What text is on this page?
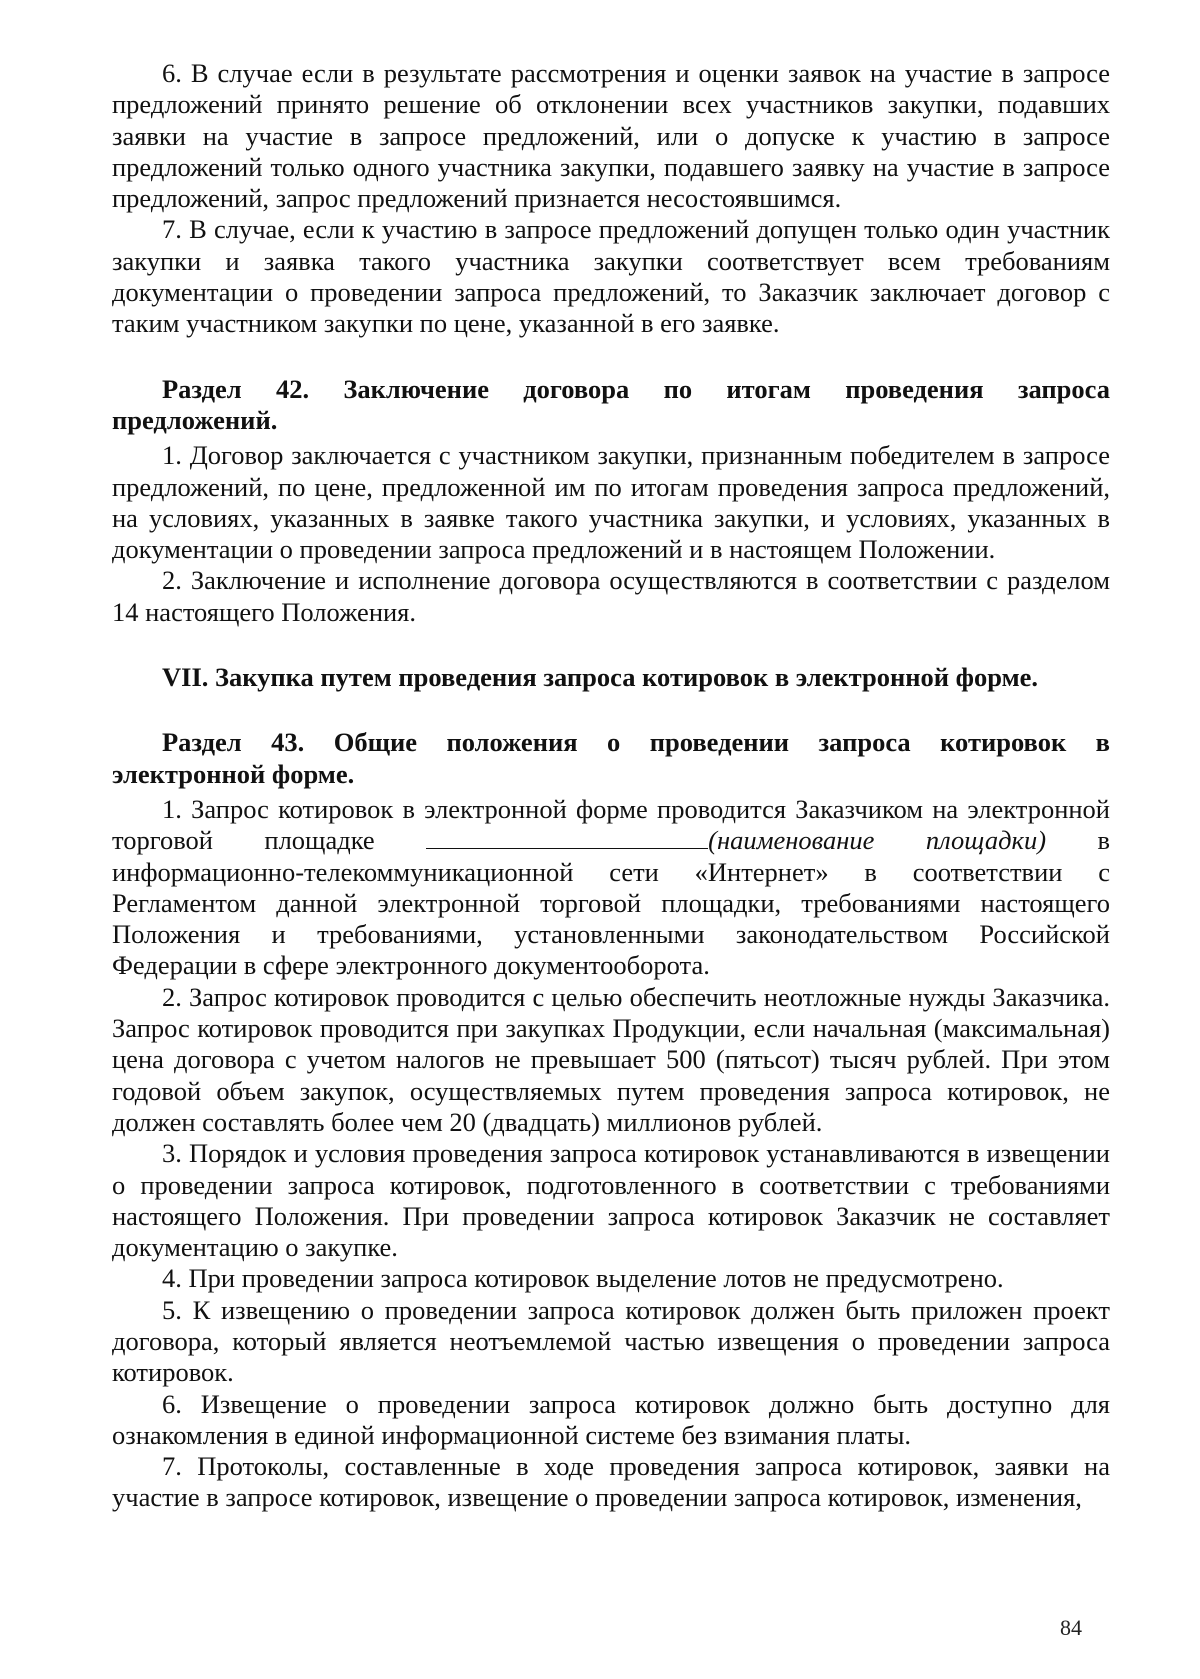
6. В случае если в результате рассмотрения и оценки заявок на участие в запросе предложений принято решение об отклонении всех участников закупки, подавших заявки на участие в запросе предложений, или о допуске к участию в запросе предложений только одного участника закупки, подавшего заявку на участие в запросе предложений, запрос предложений признается несостоявшимся.

7. В случае, если к участию в запросе предложений допущен только один участник закупки и заявка такого участника закупки соответствует всем требованиям документации о проведении запроса предложений, то Заказчик заключает договор с таким участником закупки по цене, указанной в его заявке.

Раздел 42. Заключение договора по итогам проведения запроса

предложений.

1. Договор заключается с участником закупки, признанным победителем в запросе предложений, по цене, предложенной им по итогам проведения запроса предложений, на условиях, указанных в заявке такого участника закупки, и условиях, указанных в документации о проведении запроса предложений и в настоящем Положении.

2. Заключение и исполнение договора осуществляются в соответствии с разделом 14 настоящего Положения.

VII. Закупка путем проведения запроса котировок в электронной форме.

Раздел 43. Общие положения о проведении запроса котировок в

электронной форме.

1. Запрос котировок в электронной форме проводится Заказчиком на электронной торговой площадке	(наименование площадки) в информационно-телекоммуникационной сети «Интернет» в соответствии с Регламентом данной электронной торговой площадки, требованиями настоящего Положения и требованиями, установленными законодательством Российской Федерации в сфере электронного документооборота.

2. Запрос котировок проводится с целью обеспечить неотложные нужды Заказчика. Запрос котировок проводится при закупках Продукции, если начальная (максимальная) цена договора с учетом налогов не превышает 500 (пятьсот) тысяч рублей. При этом годовой объем закупок, осуществляемых путем проведения запроса котировок, не должен составлять более чем 20 (двадцать) миллионов рублей.

3. Порядок и условия проведения запроса котировок устанавливаются в извещении о проведении запроса котировок, подготовленного в соответствии с требованиями настоящего Положения. При проведении запроса котировок Заказчик не составляет документацию о закупке.

4. При проведении запроса котировок выделение лотов не предусмотрено.

5. К извещению о проведении запроса котировок должен быть приложен проект договора, который является неотъемлемой частью извещения о проведении запроса котировок.

6. Извещение о проведении запроса котировок должно быть доступно для ознакомления в единой информационной системе без взимания платы.

7. Протоколы, составленные в ходе проведения запроса котировок, заявки на участие в запросе котировок, извещение о проведении запроса котировок, изменения,

84
